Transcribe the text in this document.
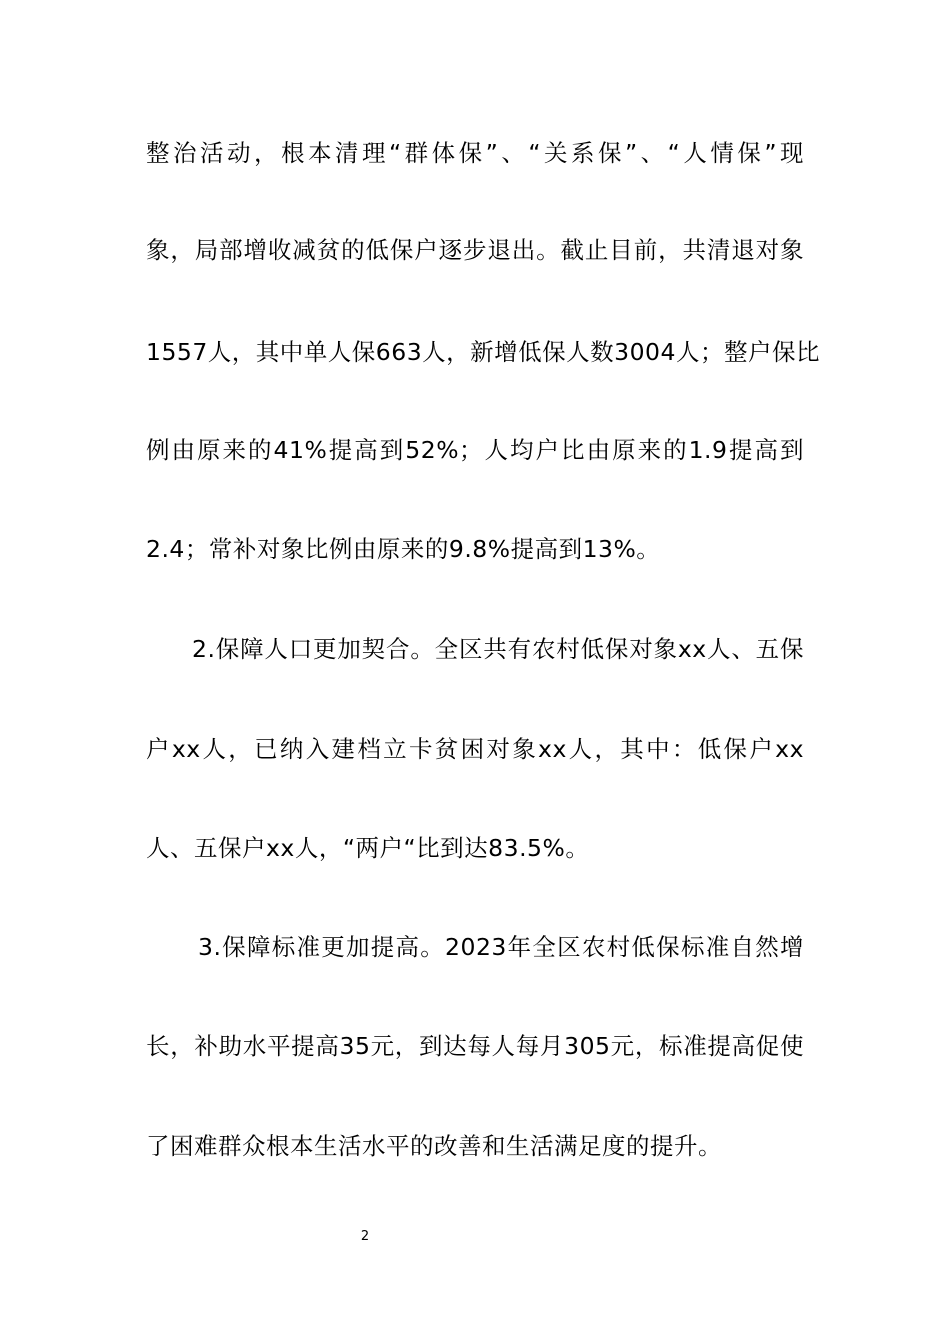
整治活动，根本清理“群体保”、“关系保”、“人情保”现
象，局部增收减贫的低保户逐步退出。截止目前，共清退对象
1557人，其中单人保663人，新增低保人数3004人；整户保比
例由原来的41%提高到52%；人均户比由原来的1.9提高到
2.4；常补对象比例由原来的9.8%提高到13%。
2.保障人口更加契合。全区共有农村低保对象xx人、五保
户xx人，已纳入建档立卡贫困对象xx人，其中：低保户xx
人、五保户xx人，“两户“比到达83.5%。
3.保障标准更加提高。2023年全区农村低保标准自然增
长，补助水平提高35元，到达每人每月305元，标准提高促使
了困难群众根本生活水平的改善和生活满足度的提升。
2
